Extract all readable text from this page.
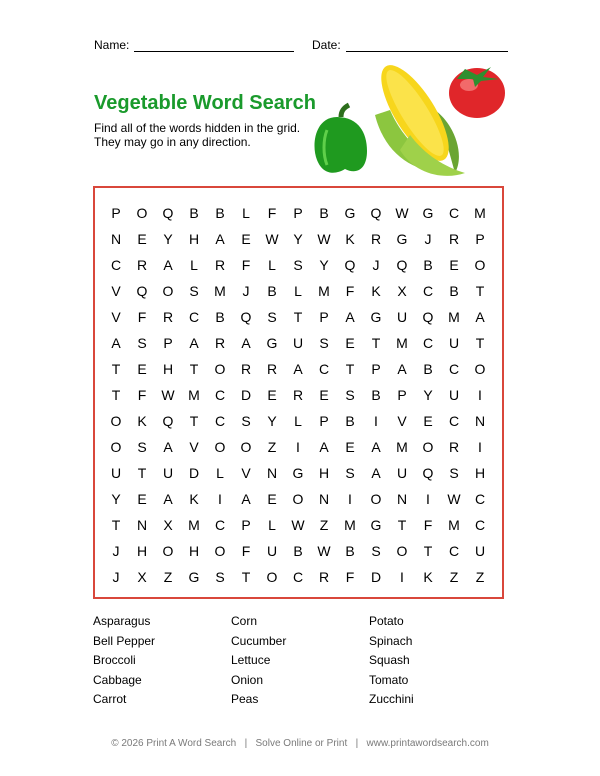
Name:	Date:
Vegetable Word Search
Find all of the words hidden in the grid.
They may go in any direction.
P	O	Q	B	B	L	F	P	B	G	Q W G	C	M
N	E	Y	H	A	E	W	Y	W	K	R	G	J	R	P
C	R	A	L	R	F	L	S	Y	Q	J	Q	B	E	O
V	Q	O	S	M	J	B	L	M	F	K	X	C	B	T
V	F	R	C	B	Q	S	T	P	A	G	U	Q	M	A
A	S	P	A	R	A	G	U	S	E	T	M	C	U	T
T	E	H	T	O	R	R	A	C	T	P	A	B	C	O
T	F	W M	C	D	E	R	E	S	B	P	Y	U	I
O	K	Q	T	C	S	Y	L	P	B	I	V	E	C	N
O	S	A	V	O	O	Z	I	A	E	A	M	O	R	I
U	T	U	D	L	V	N	G	H	S	A	U	Q	S	H
Y	E	A	K	I	A	E	O	N	I	O	N	I	W	C
T	N	X	M	C	P	L	W	Z	M	G	T	F	M	C
J	H	O	H	O	F	U	B	W	B	S	O	T	C	U
J	X	Z	G	S	T	O	C	R	F	D	I	K	Z	Z
Asparagus
Bell Pepper
Broccoli
Cabbage
Carrot
Corn
Cucumber
Lettuce
Onion
Peas
Potato
Spinach
Squash
Tomato
Zucchini
© 2026 Print A Word Search   |   Solve Online or Print   |   www.printawordsearch.com
